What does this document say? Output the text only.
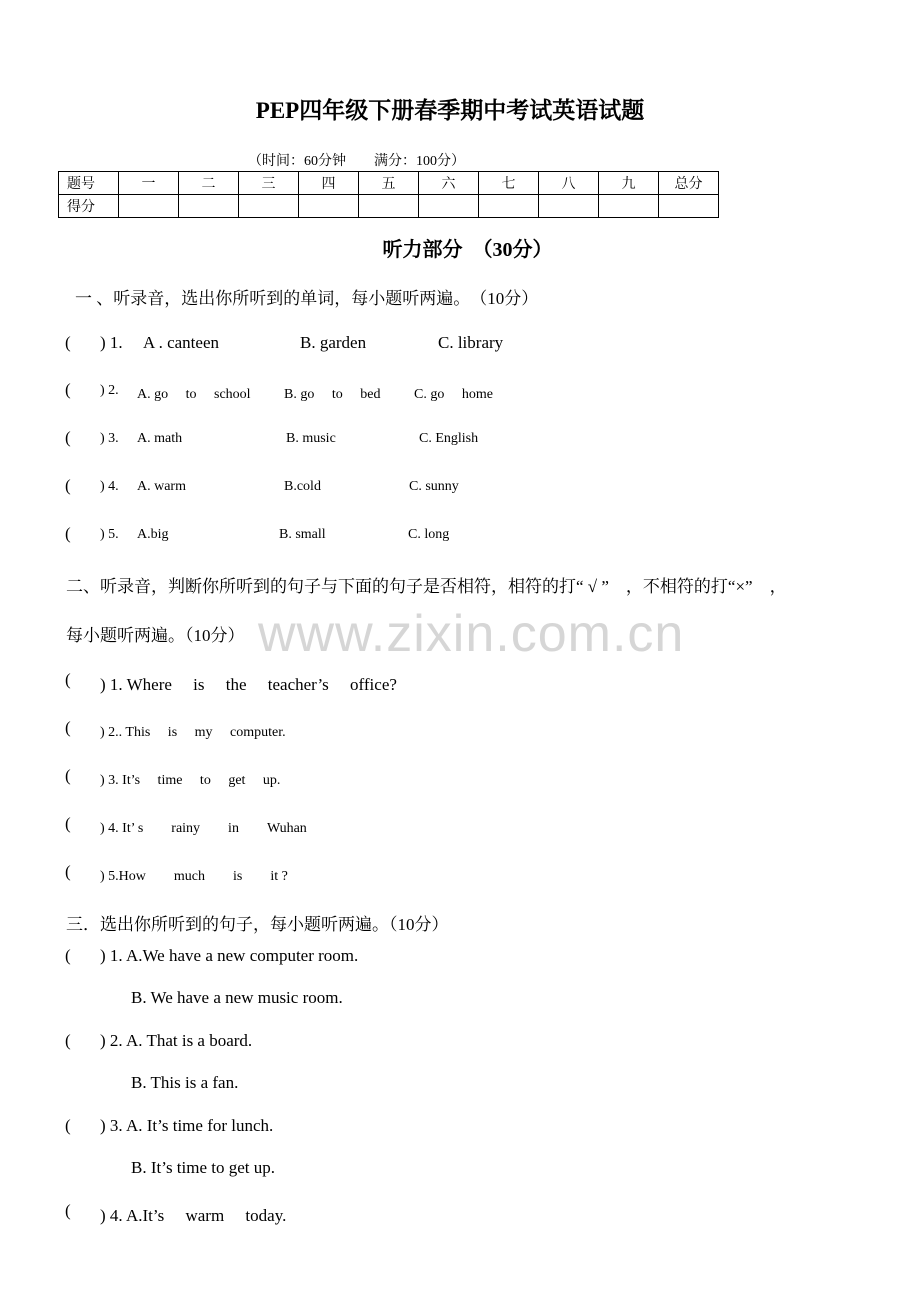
PEP四年级下册春季期中考试英语试题
（时间：60分钟　　满分：100分）
题号	一	二	三	四	五	六	七	八	九	总分
得分										
听力部分　（30分）
一 、听录音，选出你所听到的单词，每小题听两遍。　（10分）
( ) 1. A . canteen	B. garden	C. library
( ) 2. A. go　 to　 school B. go　 to　 bed C. go　 home
( ) 3. A. math	B. music	C. English
( ) 4. A. warm	B.cold	C. sunny
( ) 5. A.big	B. small	C. long
二、听录音，判断你所听到的句子与下面的句子是否相符，相符的打“ √ ”　，不相符的打“×”　，
每小题听两遍。（10分） www.zixin.com.cn
( ) 1. Where　 is　 the　 teacher’s　 office?
( ) 2.. This　 is　 my　 computer.
( ) 3. It’s　 time　 to　 get　 up.
( ) 4. It’ s　　rainy　　in　　Wuhan
( ) 5.How　　much　　is　　it ?
三．选出你所听到的句子，每小题听两遍。（10分）
( ) 1. A.We have a new computer room.
B. We have a new music room.
( ) 2. A. That is a board.
B. This is a fan.
( ) 3. A. It’s time for lunch.
B. It’s time to get up.
( ) 4. A.It’s　 warm　 today.
